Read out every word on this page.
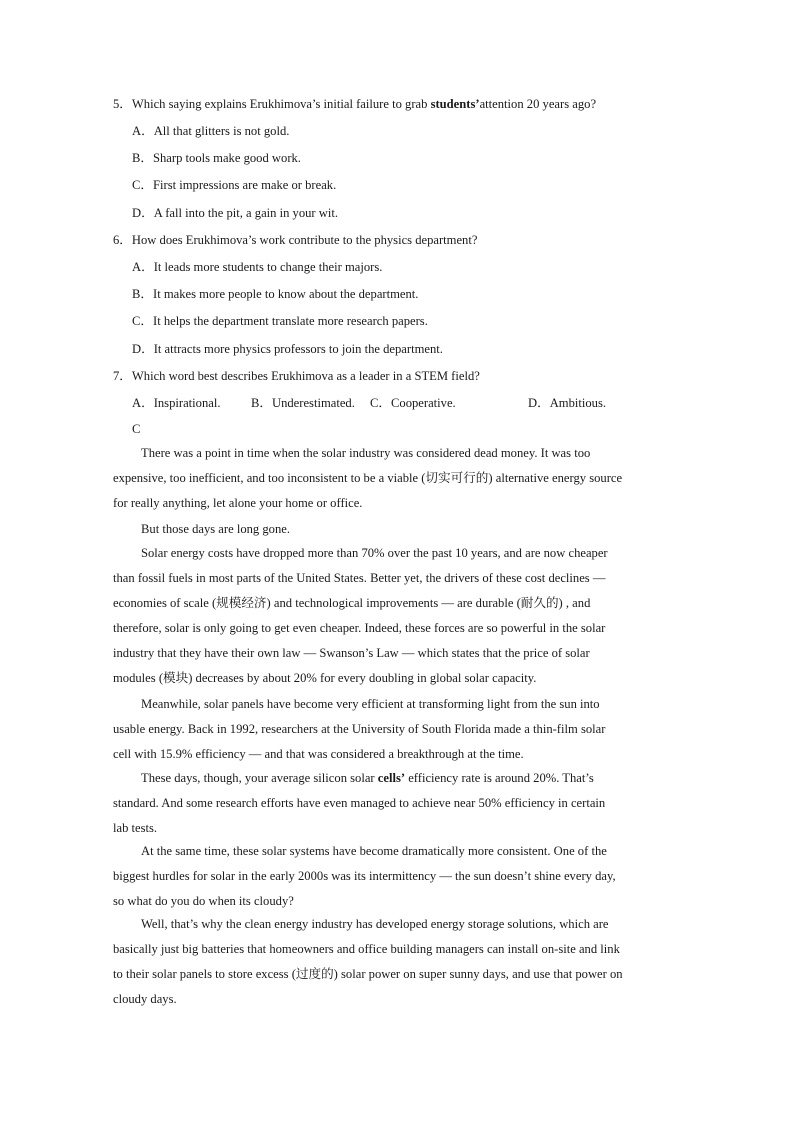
5．Which saying explains Erukhimova’s initial failure to grab students’attention 20 years ago?

A．All that glitters is not gold.

B．Sharp tools make good work.

C．First impressions are make or break.

D．A fall into the pit, a gain in your wit.

6．How does Erukhimova’s work contribute to the physics department?

A．It leads more students to change their majors.

B．It makes more people to know about the department.

C．It helps the department translate more research papers.

D．It attracts more physics professors to join the department.

7．Which word best describes Erukhimova as a leader in a STEM field?

A．Inspirational. B．Underestimated. C．Cooperative.	D．Ambitious.

C

There was a point in time when the solar industry was considered dead money. It was too
expensive, too inefficient, and too inconsistent to be a viable (切实可行的) alternative energy source
for really anything, let alone your home or office.
But those days are long gone.
Solar energy costs have dropped more than 70% over the past 10 years, and are now cheaper
than fossil fuels in most parts of the United States. Better yet, the drivers of these cost declines —
economies of scale (规模经济) and technological improvements — are durable (耐久的) , and
therefore, solar is only going to get even cheaper. Indeed, these forces are so powerful in the solar
industry that they have their own law — Swanson’s Law — which states that the price of solar
modules (模块) decreases by about 20% for every doubling in global solar capacity.
Meanwhile, solar panels have become very efficient at transforming light from the sun into
usable energy. Back in 1992, researchers at the University of South Florida made a thin-film solar
cell with 15.9% efficiency — and that was considered a breakthrough at the time.
These days, though, your average silicon solar cells’ efficiency rate is around 20%. That’s
standard. And some research efforts have even managed to achieve near 50% efficiency in certain
lab tests.
At the same time, these solar systems have become dramatically more consistent. One of the
biggest hurdles for solar in the early 2000s was its intermittency — the sun doesn’t shine every day,
so what do you do when its cloudy?
Well, that’s why the clean energy industry has developed energy storage solutions, which are
basically just big batteries that homeowners and office building managers can install on-site and link
to their solar panels to store excess (过度的) solar power on super sunny days, and use that power on
cloudy days.
